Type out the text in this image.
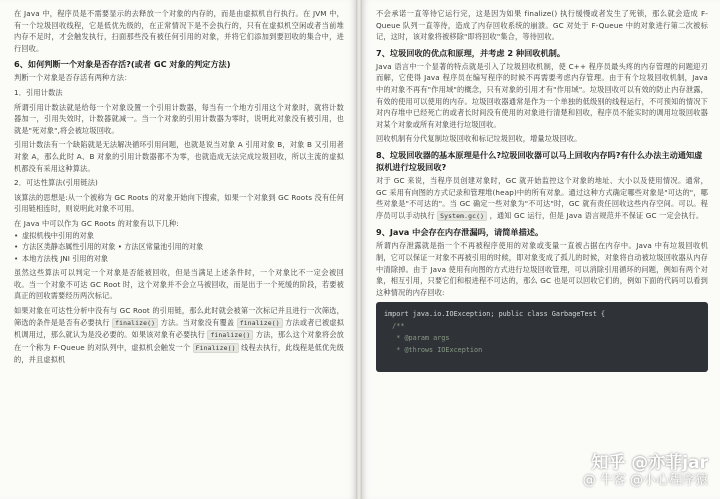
在 Java 中，程序员是不需要显示的去释放一个对象的内存的，而是由虚拟机自行执行。在 JVM 中，有一个垃圾回收线程，它是低优先级的，在正常情况下是不会执行的，只有在虚拟机空闲或者当前堆内存不足时，才会触发执行，扫面那些没有被任何引用的对象，并将它们添加到要回收的集合中，进行回收。

6、如何判断一个对象是否存活?(或者 GC 对象的判定方法)

判断一个对象是否存活有两种方法：

1．引用计数法

所谓引用计数法就是给每一个对象设置一个引用计数器，每当有一个地方引用这个对象时，就将计数器加一，引用失效时，计数器就减一。当一个对象的引用计数器为零时，说明此对象没有被引用，也就是"死对象",将会被垃圾回收。

引用计数法有一个缺陷就是无法解决循环引用问题，也就是说当对象 A 引用对象 B，对象 B 又引用者对象 A，那么此时 A、B 对象的引用计数器都不为零，也就造成无法完成垃圾回收，所以主流的虚拟机都没有采用这种算法。

2．可达性算法(引用链法)

该算法的思想是:从一个被称为 GC Roots 的对象开始向下搜索，如果一个对象到 GC Roots 没有任何引用链相连时，则说明此对象不可用。

在 Java 中可以作为 GC Roots 的对象有以下几种:

• 虚拟机栈中引用的对象
• 方法区类静态属性引用的对象 • 方法区常量池引用的对象
• 本地方法栈 JNI 引用的对象

虽然这些算法可以判定一个对象是否能被回收，但是当满足上述条件时，一个对象比不一定会被回收。当一个对象不可达 GC Root 时，这个对象并不会立马被回收，而是出于一个死缓的阶段，若要被真正的回收需要经历两次标记。

如果对象在可达性分析中没有与 GC Root 的引用链，那么此时就会被第一次标记并且进行一次筛选，筛选的条件是是否有必要执行 finalize() 方法。当对象没有覆盖 finalize() 方法或者已被虚拟机调用过，那么就认为是没必要的。如果该对象有必要执行 finalize() 方法，那么这个对象将会放在一个称为 F-Queue 的对队列中，虚拟机会触发一个 Finalize() 线程去执行，此线程是低优先级的，并且虚拟机

不会承诺一直等待它运行完，这是因为如果 finalize() 执行缓慢或者发生了死锁，那么就会造成 F-Queue 队列一直等待，造成了内存回收系统的崩溃。GC 对处于 F-Queue 中的对象进行第二次被标记，这时，该对象将被移除"即将回收"集合，等待回收。

7、垃圾回收的优点和原理，并考虑 2 种回收机制。

Java 语言中一个显著的特点就是引入了垃圾回收机制，使 C++ 程序员最头疼的内存管理的问题迎刃而解，它使得 Java 程序员在编写程序的时候不再需要考虑内存管理。由于有个垃圾回收机制，Java 中的对象不再有"作用域"的概念，只有对象的引用才有"作用域"。垃圾回收可以有效的防止内存泄露，有效的使用可以使用的内存。垃圾回收器通常是作为一个单独的低级别的线程运行，不可预知的情况下对内存堆中已经死亡的或者长时间没有使用的对象进行清楚和回收，程序员不能实时的调用垃圾回收器对某个对象或所有对象进行垃圾回收。

回收机制有分代复制垃圾回收和标记垃圾回收，增量垃圾回收。

8、垃圾回收器的基本原理是什么?垃圾回收器可以马上回收内存吗?有什么办法主动通知虚拟机进行垃圾回收?

对于 GC 来说，当程序员创建对象时，GC 就开始监控这个对象的地址、大小以及使用情况。通常，GC 采用有向图的方式记录和管理堆(heap)中的所有对象。通过这种方式确定哪些对象是"可达的"，哪些对象是"不可达的"。当 GC 确定一些对象为"不可达"时，GC 就有责任回收这些内存空间。可以。程序员可以手动执行 System.gc() ，通知 GC 运行，但是 Java 语言规范并不保证 GC 一定会执行。

9、Java 中会存在内存泄漏吗，请简单描述。

所谓内存泄露就是指一个不再被程序使用的对象或变量一直被占据在内存中。Java 中有垃圾回收机制，它可以保证一对象不再被引用的时候，即对象变成了孤儿的时候，对象将自动被垃圾回收器从内存中清除掉。由于 Java 使用有向图的方式进行垃圾回收管理，可以消除引用循环的问题，例如有两个对象，相互引用，只要它们和根进程不可达的，那么 GC 也是可以回收它们的，例如下面的代码可以看到这种情况的内存回收:

import java.io.IOException; public class GarbageTest {
/**
* @param args
* @throws IOException
知乎 @亦菲jar
@ 牛客 @小心程序猿
